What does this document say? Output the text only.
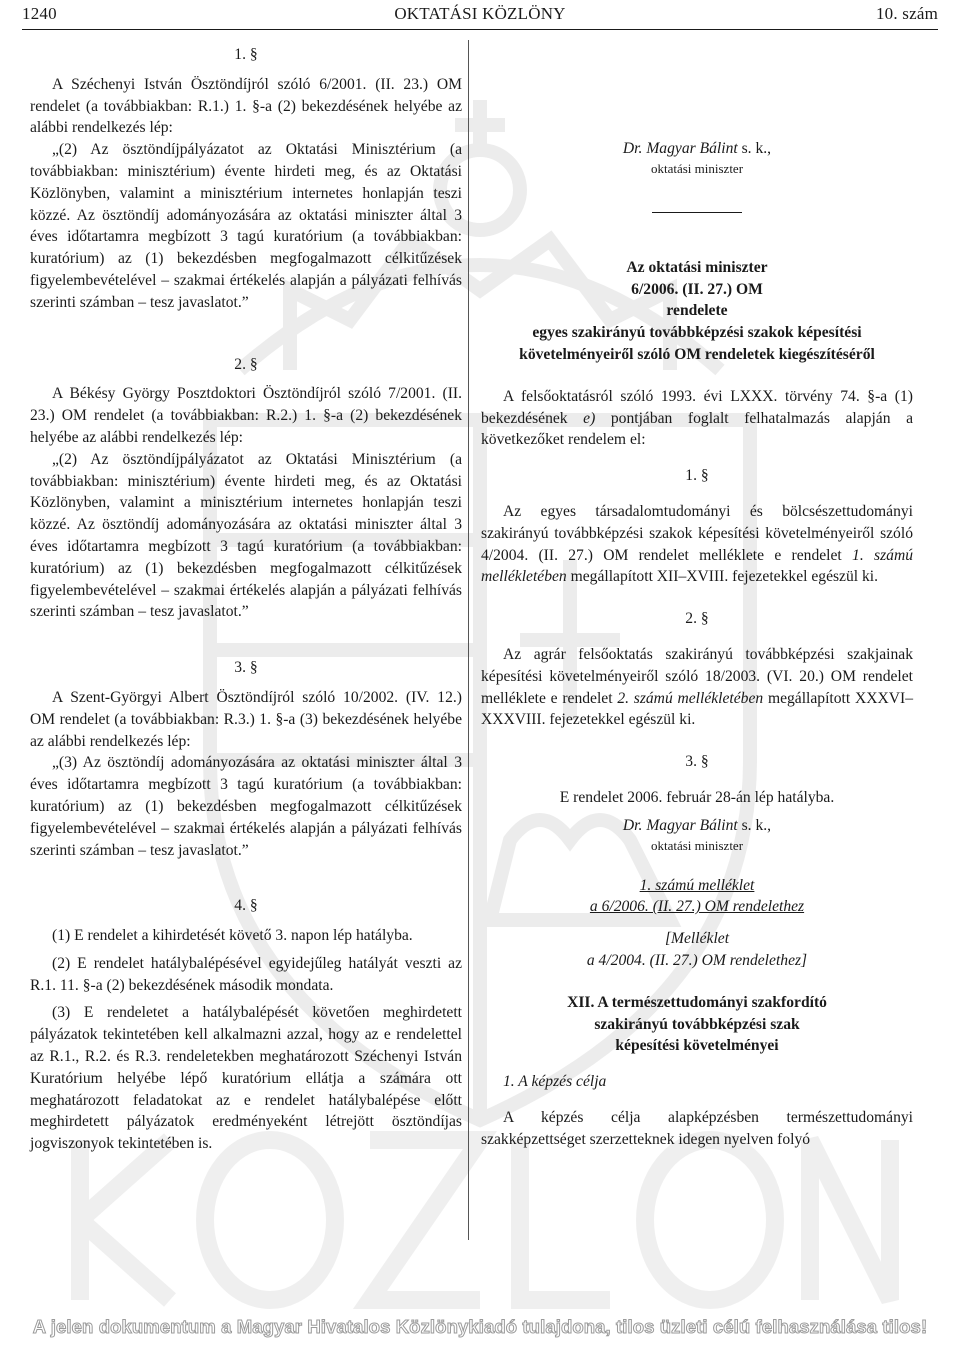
1240	OKTATÁSI KÖZLÖNY	10. szám

1. §

A Széchenyi István Ösztöndíjról szóló 6/2001. (II. 23.) OM rendelet (a továbbiakban: R.1.) 1. §-a (2) bekezdésének helyébe az alábbi rendelkezés lép:

„(2) Az ösztöndíjpályázatot az Oktatási Minisztérium (a továbbiakban: minisztérium) évente hirdeti meg, és az Oktatási Közlönyben, valamint a minisztérium internetes honlapján teszi közzé. Az ösztöndíj adományozására az oktatási miniszter által 3 éves időtartamra megbízott 3 tagú kuratórium (a továbbiakban: kuratórium) az (1) bekezdésben megfogalmazott célkitűzések figyelembevételével – szakmai értékelés alapján a pályázati felhívás szerinti számban – tesz javaslatot.”

2. §

A Békésy György Posztdoktori Ösztöndíjról szóló 7/2001. (II. 23.) OM rendelet (a továbbiakban: R.2.) 1. §-a (2) bekezdésének helyébe az alábbi rendelkezés lép:

„(2) Az ösztöndíjpályázatot az Oktatási Minisztérium (a továbbiakban: minisztérium) évente hirdeti meg, és az Oktatási Közlönyben, valamint a minisztérium internetes honlapján teszi közzé. Az ösztöndíj adományozására az oktatási miniszter által 3 éves időtartamra megbízott 3 tagú kuratórium (a továbbiakban: kuratórium) az (1) bekezdésben megfogalmazott célkitűzések figyelembevételével – szakmai értékelés alapján a pályázati felhívás szerinti számban – tesz javaslatot.”

3. §

A Szent-Györgyi Albert Ösztöndíjról szóló 10/2002. (IV. 12.) OM rendelet (a továbbiakban: R.3.) 1. §-a (3) bekezdésének helyébe az alábbi rendelkezés lép:

„(3) Az ösztöndíj adományozására az oktatási miniszter által 3 éves időtartamra megbízott 3 tagú kuratórium (a továbbiakban: kuratórium) az (1) bekezdésben megfogalmazott célkitűzések figyelembevételével – szakmai értékelés alapján a pályázati felhívás szerinti számban – tesz javaslatot.”

4. §

(1) E rendelet a kihirdetését követő 3. napon lép hatályba.

(2) E rendelet hatálybalépésével egyidejűleg hatályát veszti az R.1. 11. §-a (2) bekezdésének második mondata.

(3) E rendeletet a hatálybalépését követően meghirdetett pályázatok tekintetében kell alkalmazni azzal, hogy az e rendelettel az R.1., R.2. és R.3. rendeletekben meghatározott Széchenyi István Kuratórium helyébe lépő kuratórium ellátja a számára ott meghatározott feladatokat az e rendelet hatálybalépése előtt meghirdetett pályázatok eredményeként létrejött ösztöndíjas jogviszonyok tekintetében is.

Dr. Magyar Bálint s. k.,

oktatási miniszter

Az oktatási miniszter

6/2006. (II. 27.) OM

rendelete

egyes szakirányú továbbképzési szakok képesítési

követelményeiről szóló OM rendeletek kiegészítéséről

A felsőoktatásról szóló 1993. évi LXXX. törvény 74. §-a (1) bekezdésének e) pontjában foglalt felhatalmazás alapján a következőket rendelem el:

1. §

Az egyes társadalomtudományi és bölcsészettudományi szakirányú továbbképzési szakok képesítési követelményeiről szóló 4/2004. (II. 27.) OM rendelet melléklete e rendelet 1. számú mellékletében megállapított XII–XVIII. fejezetekkel egészül ki.

2. §

Az agrár felsőoktatás szakirányú továbbképzési szakjainak képesítési követelményeiről szóló 18/2003. (VI. 20.) OM rendelet melléklete e rendelet 2. számú mellékletében megállapított XXXVI–XXXVIII. fejezetekkel egészül ki.

3. §

E rendelet 2006. február 28-án lép hatályba.

Dr. Magyar Bálint s. k.,

oktatási miniszter

1. számú melléklet

a 6/2006. (II. 27.) OM rendelethez

[Melléklet

a 4/2004. (II. 27.) OM rendelethez]

XII. A természettudományi szakfordító

szakirányú továbbképzési szak

képesítési követelményei

1. A képzés célja

A képzés célja alapképzésben természettudományi szakképzettséget szerzetteknek idegen nyelven folyó

A jelen dokumentum a Magyar Hivatalos Közlönykiadó tulajdona, tilos üzleti célú felhasználása tilos!
